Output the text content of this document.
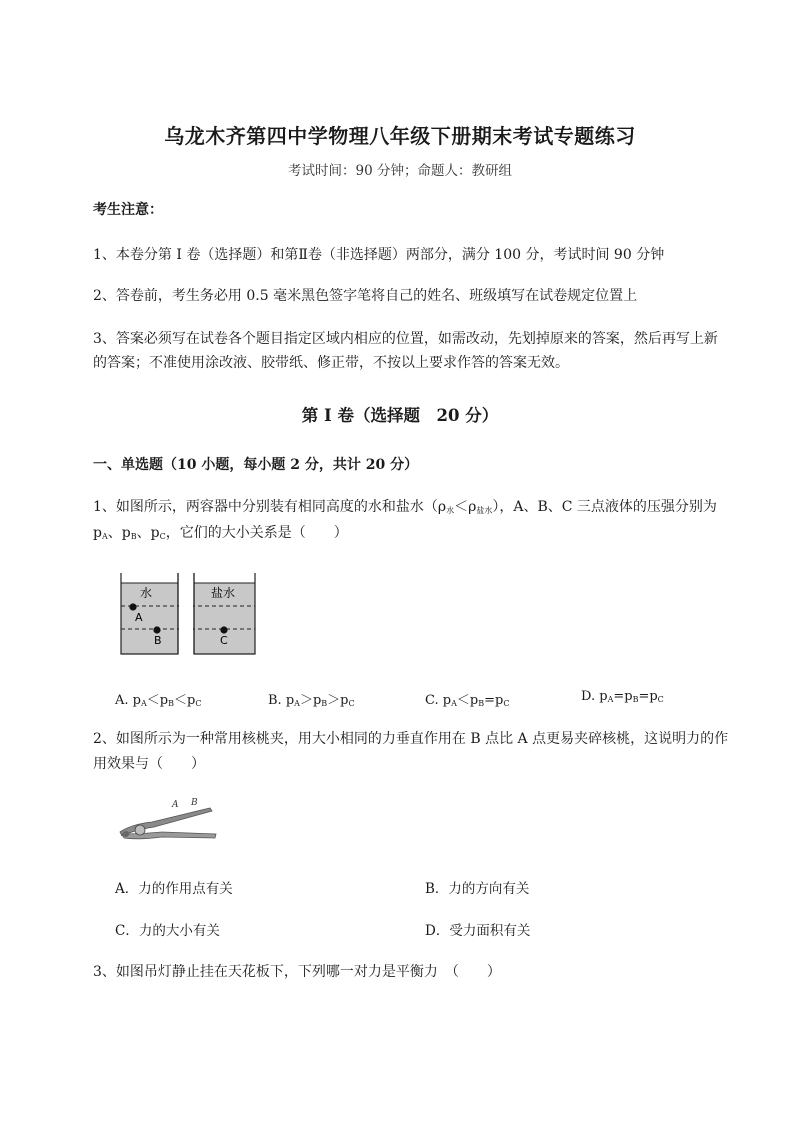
乌龙木齐第四中学物理八年级下册期末考试专题练习
考试时间：90 分钟；命题人：教研组
考生注意：
1、本卷分第 I 卷（选择题）和第Ⅱ卷（非选择题）两部分，满分 100 分，考试时间 90 分钟
2、答卷前，考生务必用 0.5 毫米黑色签字笔将自己的姓名、班级填写在试卷规定位置上
3、答案必须写在试卷各个题目指定区域内相应的位置，如需改动，先划掉原来的答案，然后再写上新
的答案；不准使用涂改液、胶带纸、修正带，不按以上要求作答的答案无效。
第 I 卷（选择题　20 分）
一、单选题（10 小题，每小题 2 分，共计 20 分）
1、如图所示，两容器中分别装有相同高度的水和盐水$(\rho_水<\rho_{盐水})$，A、B、C 三点液体的压强分别为
$p_A$、$p_B$、$p_C$，它们的大小关系是（　　）
水	盐水
A
B	C
A. $p_A<p_B<p_C$	B. $p_A>p_B>p_C$	C. $p_A<p_B=p_C$	D. $p_A=p_B=p_C$
2、如图所示为一种常用核桃夹，用大小相同的力垂直作用在 B 点比 A 点更易夹碎核桃，这说明力的作
用效果与（　　）
A B
A．力的作用点有关	B．力的方向有关
C．力的大小有关	D．受力面积有关
3、如图吊灯静止挂在天花板下，下列哪一对力是平衡力　（　　）
